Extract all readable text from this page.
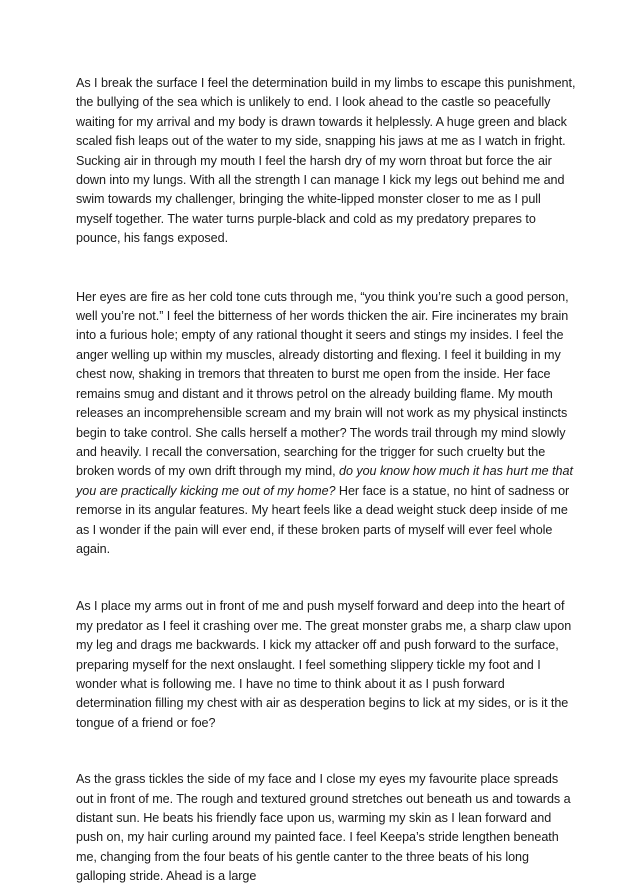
As I break the surface I feel the determination build in my limbs to escape this punishment, the bullying of the sea which is unlikely to end. I look ahead to the castle so peacefully waiting for my arrival and my body is drawn towards it helplessly. A huge green and black scaled fish leaps out of the water to my side, snapping his jaws at me as I watch in fright. Sucking air in through my mouth I feel the harsh dry of my worn throat but force the air down into my lungs. With all the strength I can manage I kick my legs out behind me and swim towards my challenger, bringing the white-lipped monster closer to me as I pull myself together. The water turns purple-black and cold as my predatory prepares to pounce, his fangs exposed.

Her eyes are fire as her cold tone cuts through me, “you think you’re such a good person, well you’re not.” I feel the bitterness of her words thicken the air. Fire incinerates my brain into a furious hole; empty of any rational thought it seers and stings my insides. I feel the anger welling up within my muscles, already distorting and flexing. I feel it building in my chest now, shaking in tremors that threaten to burst me open from the inside. Her face remains smug and distant and it throws petrol on the already building flame. My mouth releases an incomprehensible scream and my brain will not work as my physical instincts begin to take control. She calls herself a mother? The words trail through my mind slowly and heavily. I recall the conversation, searching for the trigger for such cruelty but the broken words of my own drift through my mind, do you know how much it has hurt me that you are practically kicking me out of my home? Her face is a statue, no hint of sadness or remorse in its angular features. My heart feels like a dead weight stuck deep inside of me as I wonder if the pain will ever end, if these broken parts of myself will ever feel whole again.

As I place my arms out in front of me and push myself forward and deep into the heart of my predator as I feel it crashing over me. The great monster grabs me, a sharp claw upon my leg and drags me backwards. I kick my attacker off and push forward to the surface, preparing myself for the next onslaught. I feel something slippery tickle my foot and I wonder what is following me. I have no time to think about it as I push forward determination filling my chest with air as desperation begins to lick at my sides, or is it the tongue of a friend or foe?

As the grass tickles the side of my face and I close my eyes my favourite place spreads out in front of me. The rough and textured ground stretches out beneath us and towards a distant sun. He beats his friendly face upon us, warming my skin as I lean forward and push on, my hair curling around my painted face. I feel Keepa’s stride lengthen beneath me, changing from the four beats of his gentle canter to the three beats of his long galloping stride. Ahead is a large
